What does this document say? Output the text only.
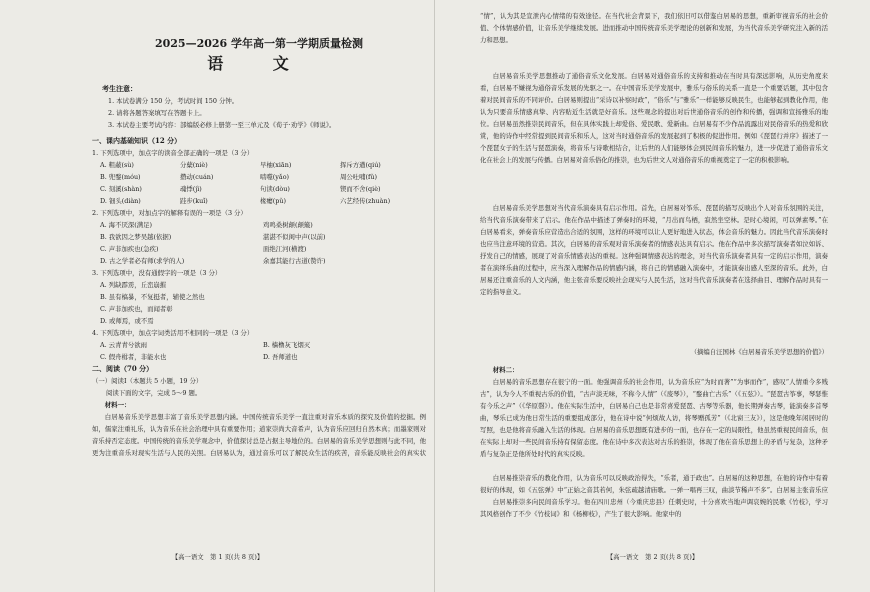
2025—2026 学年高一第一学期质量检测
语 文
考生注意：
1. 本试卷满分 150 分，考试时间 150 分钟。
2. 请将各题答案填写在答题卡上。
3. 本试卷主要考试内容：部编版必修上册第一至三单元及《荀子·劝学》《师说》。
一、课内基础知识（12 分）
1. 下列选项中，加点字的读音全部正确的一项是（3 分）
A. 粗蔽(sù)	分蘖(niè)	早柚(xiān)	挥斥方遒(qiú)
B. 兜鍪(móu)	攒动(cuán)	啮噬(yǎo)	周公吐哺(fǔ)
C. 刻溪(shàn)	魂悸(jì)	句读(dòu)	锲而不舍(qiè)
D. 钿头(diàn)	跬步(kuǐ)	椽瘿(pǔ)	六艺经传(zhuàn)
2. 下列选项中，对加点字的解释有误的一项是（3 分）
A. 海不厌深(满足)	鸡鸣桑树颠(颠簸)
B. 我欲因之梦吴越(依据)	湛湛不似闺中声(以前)
C. 声非加疾也(急疾)	面绝江河(横渡)
D. 古之学者必有师(求学的人)	余嘉其能行古道(赞许)
3. 下列选项中，没有通假字的一项是（3 分）
A. 列缺霹雳，丘峦崩摧
B. 虽有槁暴，不复挺者，辅使之然也
C. 声非加疾也，而闻者彰
D. 或师焉，或不焉
4. 下列选项中，加点字词类活用不相同的一项是（3 分）
A. 云青青兮欲雨	B. 樯橹灰飞烟灭
C. 假舟楫者，非能水也	D. 吾师道也
二、阅读（70 分）
（一）阅读Ⅰ（本题共 5 小题，19 分）
阅读下面的文字，完成 5～9 题。
材料一：
白居易音乐美学思想丰富了音乐美学思想内涵。中国传统音乐美学一直注重对音乐本质的探究及价值的挖掘。例如，儒家注重礼乐，认为音乐在社会治理中具有重要作用；道家崇尚大音希声，认为音乐应回归自然本真；而墨家则对音乐持否定态度。中国传统的音乐美学观念中，价值探讨总是占据主导地位的。白居易的音乐美学思想则与此不同，他更为注重音乐对现实生活与人民的关照。白居易认为，通过音乐可以了解民众生活的疾苦，音乐能反映社会的真实状
【高一语文　第 1 页(共 8 页)】
“情”，认为其是宣泄内心情绪的有效途径。在当代社会背景下，我们依旧可以借鉴白居易的思想，重新审视音乐的社会价值、个体情感价值，让音乐美学继续发展。进而推动中国传统音乐美学理论的创新和发展，为当代音乐美学研究注入新的活力和思想。
白居易音乐美学思想推动了通俗音乐文化发展。白居易对通俗音乐的支持和推动在当时具有深远影响，从历史角度来看，白居易不嫌视为通俗音乐发展的先驱之一。在中国音乐美学发展中，雅乐与俗乐的关系一直是一个重要话题，其中包含着对民间音乐的不同评价。白居易则提出“采诗以补察时政”，“俗乐”与“雅乐”一样能够反映民生，也能够起到教化作用，他认为只要音乐情感真挚、内容贴近生活就是好音乐。这些观念的提出对后世通俗音乐的创作和传播，强调和宣扬雅乐的地位。白居易虽然推崇民间音乐，但在具体实践上却爱俗、爱民歌、爱新曲。白居易有不少作品流露出对民俗音乐的热爱和欣赏，他的诗作中经常提到民间音乐和乐人，这对当时通俗音乐的发展起到了积极的促进作用。例如《琵琶行并序》描述了一个琵琶女子的生活与琵琶演奏，将音乐与诗歌相结合，让后世的人们能够体会到民间音乐的魅力，进一步促进了通俗音乐文化在社会上的发展与传播。白居易对音乐俗化的推崇，也为后世文人对通俗音乐的重视奠定了一定的积极影响。
白居易音乐美学思想对当代音乐演奏具有启示作用。首先，白居易对筝乐、琵琶的描写反映出个人对音乐氛围的关注，给当代音乐演奏带来了启示。他在作品中描述了弹奏时的环境，“月出而鸟栖，寂然坐空林。是时心境闲，可以弹素琴。”在白居易看来，弹奏音乐应营造出合适的氛围，这样的环境可以让人更好地进入状态，体会音乐的魅力。因此当代音乐演奏时也应当注意环境的营造。其次，白居易的音乐观对音乐演奏者的情感表达具有启示。他在作品中多次描写演奏者如泣如诉、抒发自己的情感，展现了对音乐情感表达的重视。这种强调情感表达的理念，对当代音乐演奏者具有一定的启示作用，演奏者在演绎乐曲的过程中，应当深入理解作品的情感内涵，将自己的情感融入演奏中，才能演奏出感人至深的音乐。此外，白居易还注重音乐的人文内涵，他主张音乐要反映社会现实与人民生活，这对当代音乐演奏者在选择曲目、理解作品时具有一定的指导意义。
（摘编自汪国林《白居易音乐美学思想的价值》）
材料二：
白居易的音乐思想存在很宁的一面。他强调音乐的社会作用，认为音乐应“为时而著”“为事而作”，感叹“人情重今多贱古”，认为今人不重视古乐的价值，“古声淡无味，不称今人情”（《废琴》），“鍪曲亡古乐”（《五弦》）。“琵琶古筝事，琴瑟惟有今乐之声”（《华原磬》）。他在实际生活中，白居易自己也是非常喜爱琵琶、古琴等乐器，他长期弹奏古琴，能演奏多首琴曲，琴乐已成为他日常生活的重要组成部分，他在诗中说“何烦故人访，将琴赠孤芳”（《北窗三友》），这是他晚年闲居时的写照，也是他将音乐融入生活的体现。白居易的音乐思想既有进步的一面，也存在一定的局限性，他虽然重视民间音乐，但在实际上却对一些民间音乐持有保留态度。他在诗中多次表达对古乐的推崇，体现了他在音乐思想上的矛盾与复杂，这种矛盾与复杂正是他所处时代的真实反映。
白居易推崇音乐的教化作用，认为音乐可以反映政治得失，“乐者，通于政也”。白居易的这种思想，在他的诗作中有着很好的体现，如《五弦弹》中“正始之音其若何，朱弦疏越清庙歌。一弹一唱再三叹，曲淡节稀声不多”。白居易主张音乐应
白居易推崇多向民间音乐学习。他在四川忠州（今重庆忠县）任刺史时，十分喜欢当地声调哀婉的民歌《竹枝》，学习其风格创作了不少《竹枝词》和《杨柳枝》，产生了很大影响。他家中的
【高一语文　第 2 页(共 8 页)】
